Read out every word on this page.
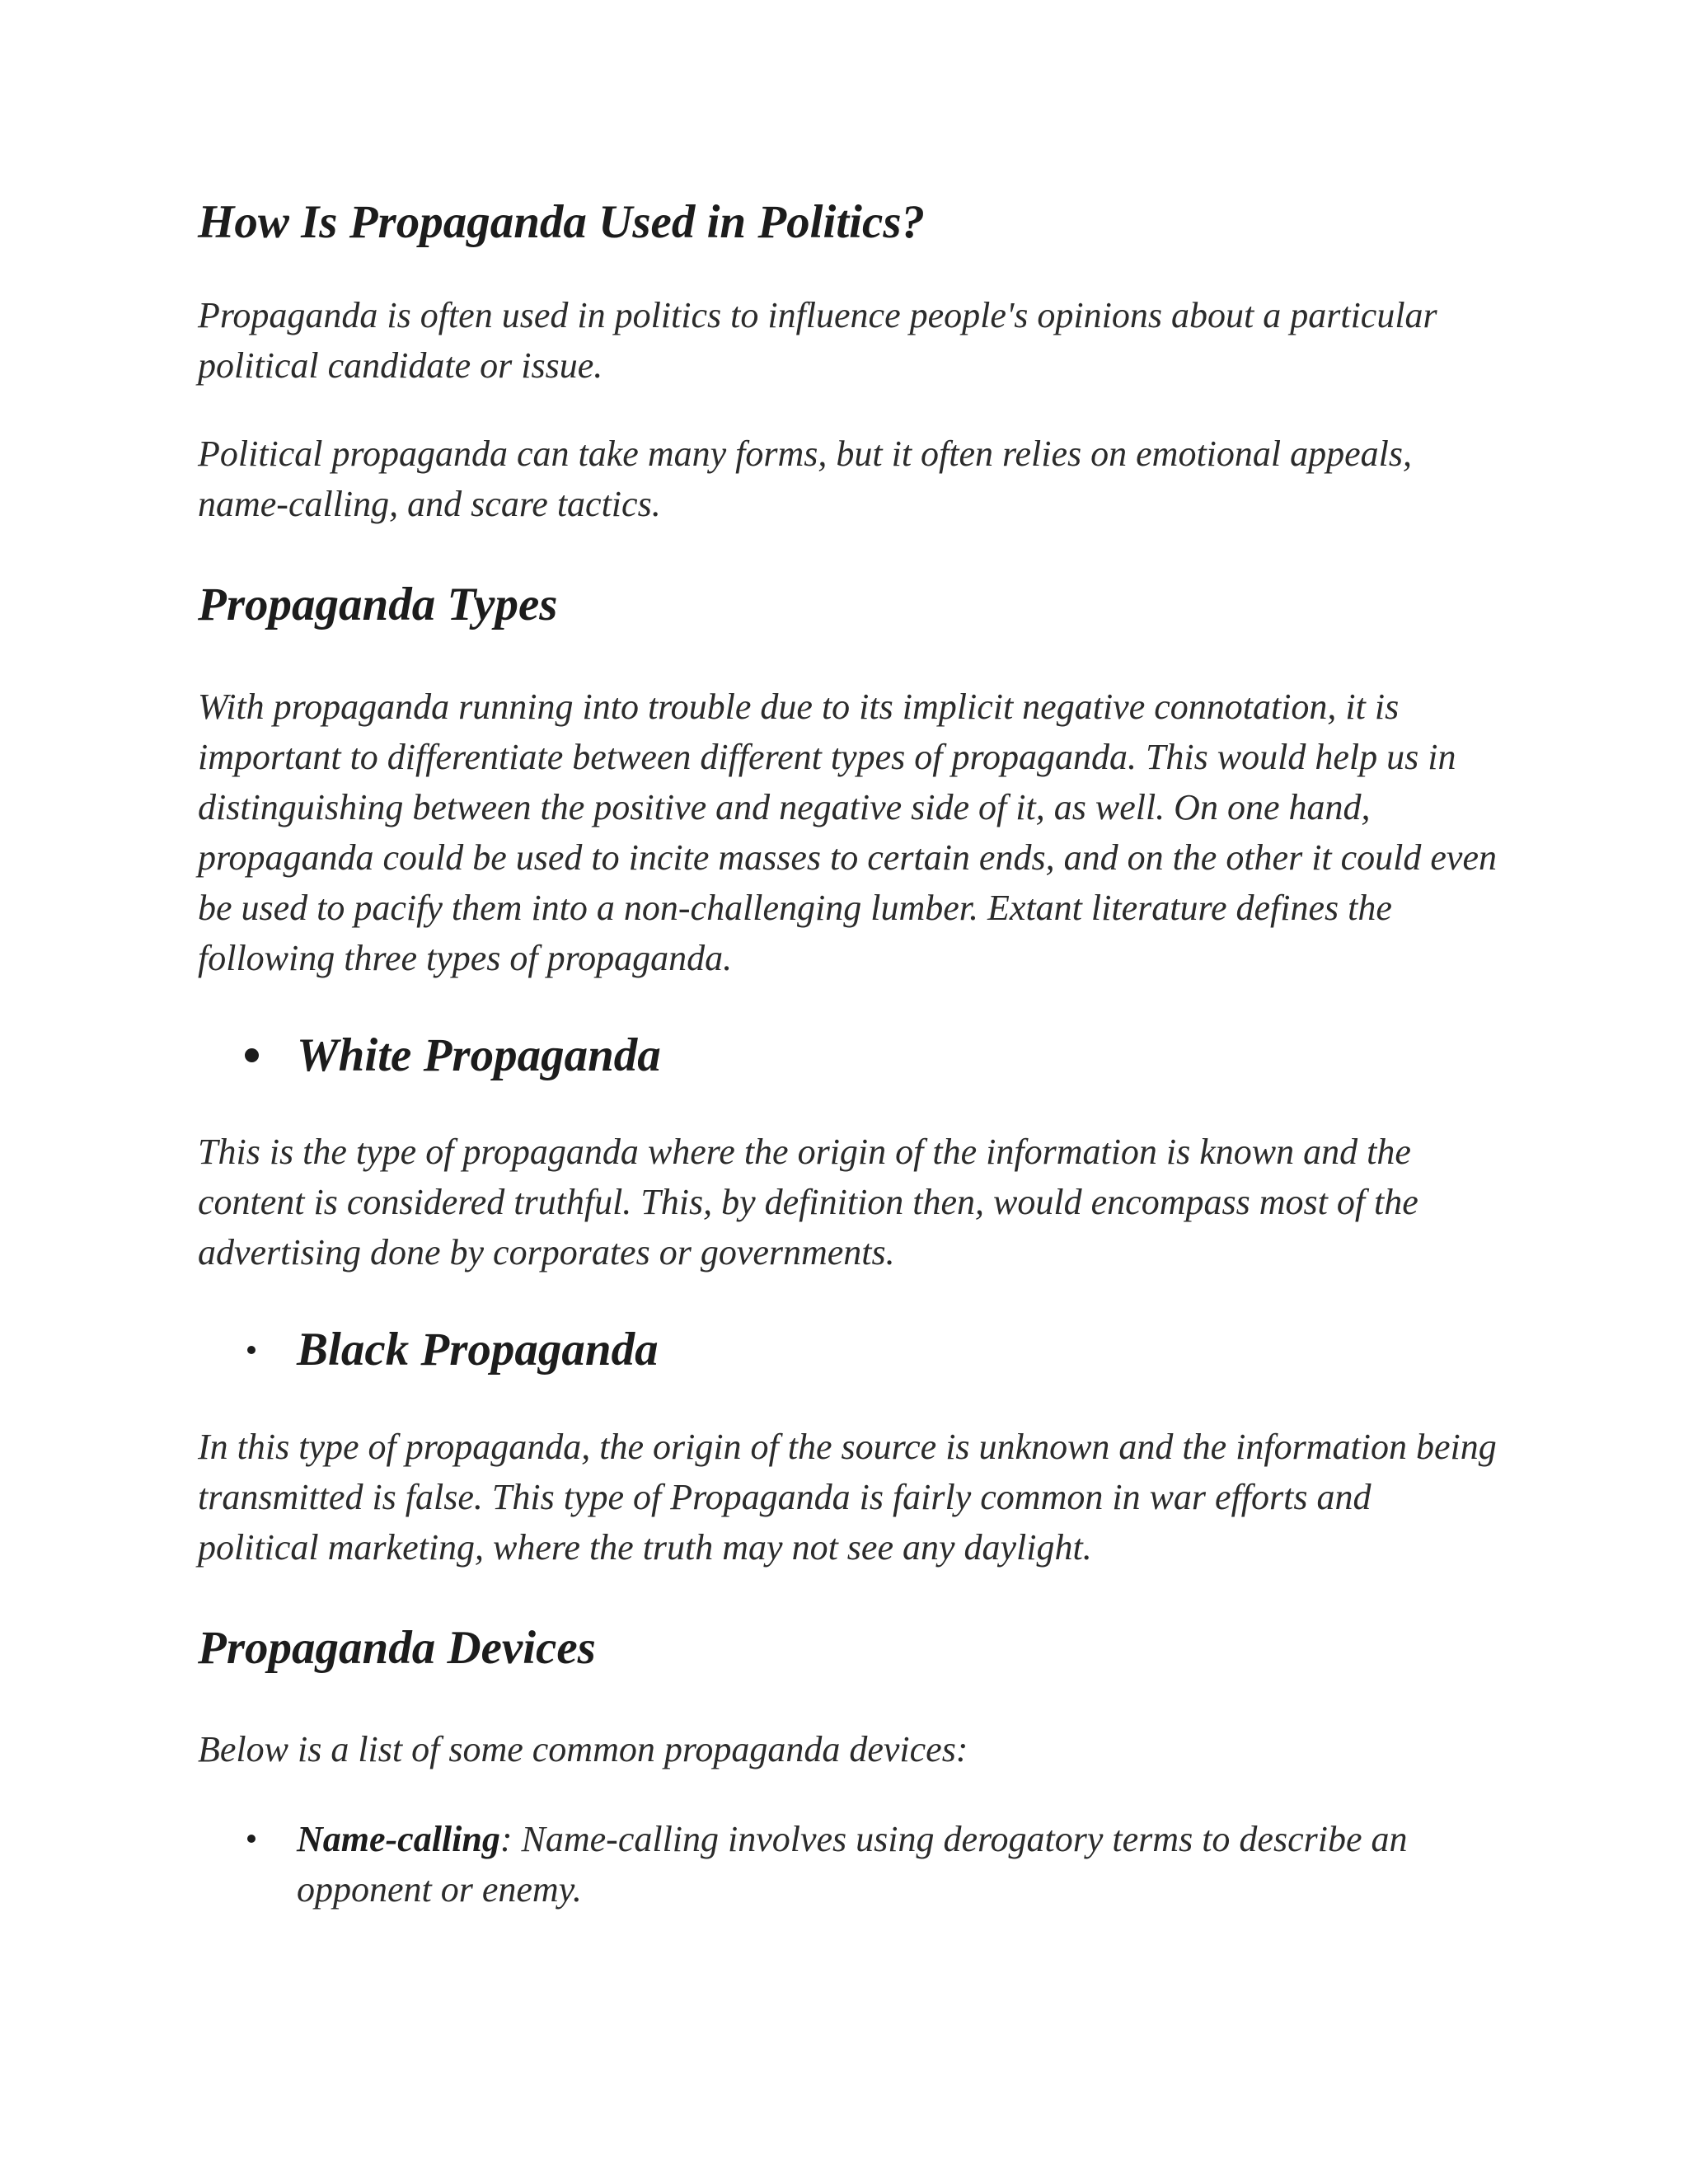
How Is Propaganda Used in Politics?

Propaganda is often used in politics to influence people's opinions about a particular political candidate or issue.

Political propaganda can take many forms, but it often relies on emotional appeals, name-calling, and scare tactics.

Propaganda Types

With propaganda running into trouble due to its implicit negative connotation, it is important to differentiate between different types of propaganda. This would help us in distinguishing between the positive and negative side of it, as well. On one hand, propaganda could be used to incite masses to certain ends, and on the other it could even be used to pacify them into a non-challenging lumber. Extant literature defines the following three types of propaganda.

White Propaganda

This is the type of propaganda where the origin of the information is known and the content is considered truthful. This, by definition then, would encompass most of the advertising done by corporates or governments.

Black Propaganda

In this type of propaganda, the origin of the source is unknown and the information being transmitted is false. This type of Propaganda is fairly common in war efforts and political marketing, where the truth may not see any daylight.

Propaganda Devices

Below is a list of some common propaganda devices:

Name-calling: Name-calling involves using derogatory terms to describe an opponent or enemy.
